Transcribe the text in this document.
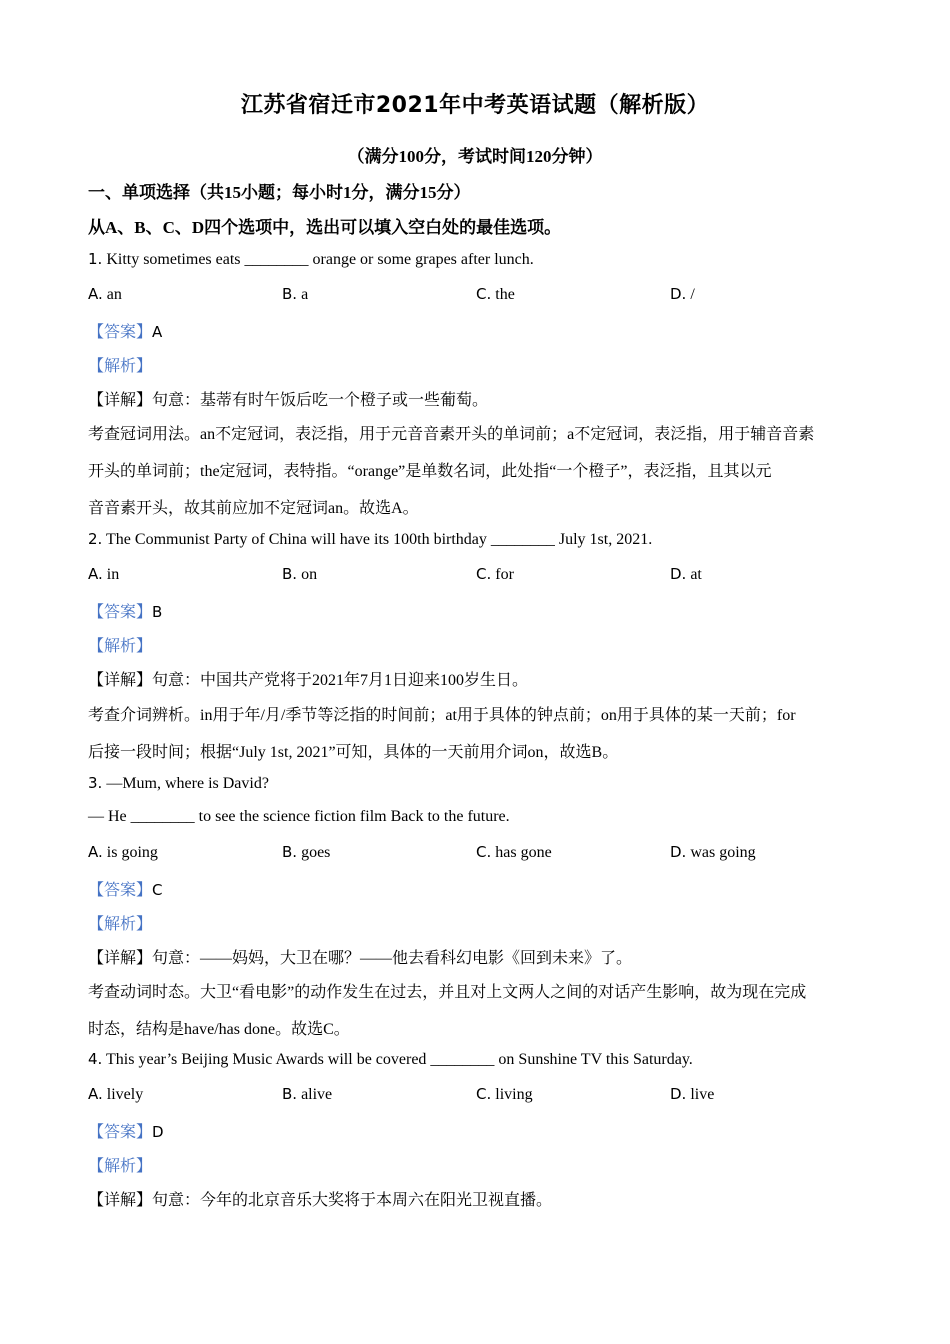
江苏省宿迁市2021年中考英语试题（解析版）
（满分100分，考试时间120分钟）
一、单项选择（共15小题；每小时1分，满分15分）
从A、B、C、D四个选项中，选出可以填入空白处的最佳选项。
1. Kitty sometimes eats ________ orange or some grapes after lunch.
A. an	B. a	C. the	D. /
【答案】A
【解析】
【详解】句意：基蒂有时午饭后吃一个橙子或一些葡萄。
考查冠词用法。an不定冠词，表泛指，用于元音音素开头的单词前；a不定冠词，表泛指，用于辅音音素
开头的单词前；the定冠词，表特指。“orange”是单数名词，此处指“一个橙子”，表泛指，且其以元
音音素开头，故其前应加不定冠词an。故选A。
2. The Communist Party of China will have its 100th birthday ________ July 1st, 2021.
A. in	B. on	C. for	D. at
【答案】B
【解析】
【详解】句意：中国共产党将于2021年7月1日迎来100岁生日。
考查介词辨析。in用于年/月/季节等泛指的时间前；at用于具体的钟点前；on用于具体的某一天前；for
后接一段时间；根据“July 1st, 2021”可知，具体的一天前用介词on，故选B。
3. —Mum, where is David?
— He ________ to see the science fiction film Back to the future.
A. is going	B. goes	C. has gone	D. was going
【答案】C
【解析】
【详解】句意：——妈妈，大卫在哪？——他去看科幻电影《回到未来》了。
考查动词时态。大卫“看电影”的动作发生在过去，并且对上文两人之间的对话产生影响，故为现在完成
时态，结构是have/has done。故选C。
4. This year’s Beijing Music Awards will be covered ________ on Sunshine TV this Saturday.
A. lively	B. alive	C. living	D. live
【答案】D
【解析】
【详解】句意：今年的北京音乐大奖将于本周六在阳光卫视直播。
